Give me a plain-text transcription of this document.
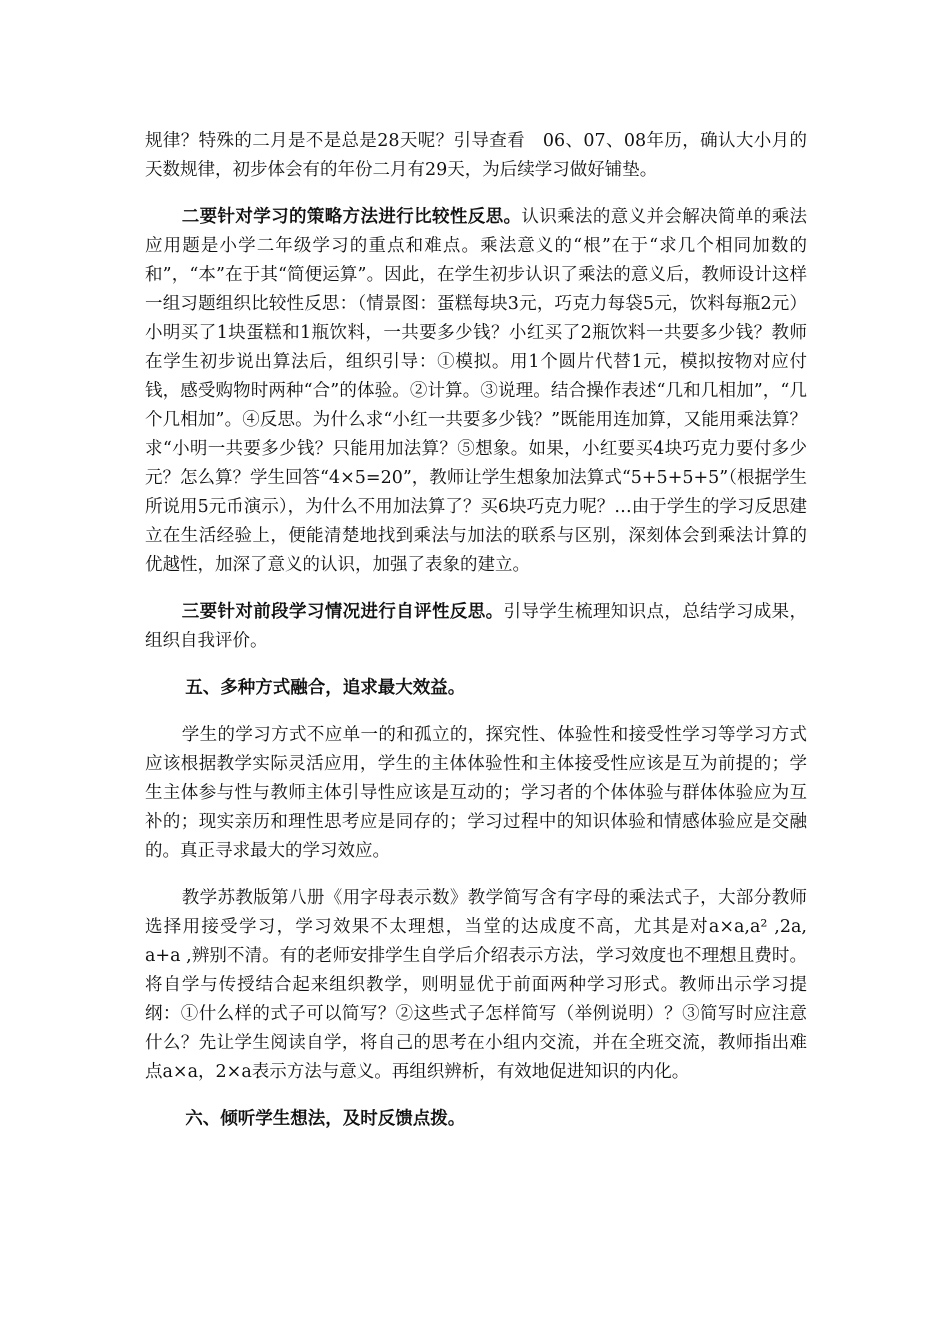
规律？特殊的二月是不是总是28天呢？引导查看　06、07、08年历，确认大小月的天数规律，初步体会有的年份二月有29天，为后续学习做好铺垫。

二要针对学习的策略方法进行比较性反思。认识乘法的意义并会解决简单的乘法应用题是小学二年级学习的重点和难点。乘法意义的“根”在于“求几个相同加数的和”，“本”在于其“简便运算”。因此，在学生初步认识了乘法的意义后，教师设计这样一组习题组织比较性反思：（情景图：蛋糕每块3元，巧克力每袋5元，饮料每瓶2元）小明买了1块蛋糕和1瓶饮料，一共要多少钱？小红买了2瓶饮料一共要多少钱？教师在学生初步说出算法后，组织引导：①模拟。用1个圆片代替1元，模拟按物对应付钱，感受购物时两种“合”的体验。②计算。③说理。结合操作表述“几和几相加”，“几个几相加”。④反思。为什么求“小红一共要多少钱？”既能用连加算，又能用乘法算？求“小明一共要多少钱？只能用加法算？⑤想象。如果，小红要买4块巧克力要付多少元？怎么算？学生回答“4×5=20”，教师让学生想象加法算式“5+5+5+5”（根据学生所说用5元币演示），为什么不用加法算了？买6块巧克力呢？…由于学生的学习反思建立在生活经验上，便能清楚地找到乘法与加法的联系与区别，深刻体会到乘法计算的优越性，加深了意义的认识，加强了表象的建立。

三要针对前段学习情况进行自评性反思。引导学生梳理知识点，总结学习成果，组织自我评价。

五、多种方式融合，追求最大效益。

学生的学习方式不应单一的和孤立的，探究性、体验性和接受性学习等学习方式应该根据教学实际灵活应用，学生的主体体验性和主体接受性应该是互为前提的；学生主体参与性与教师主体引导性应该是互动的；学习者的个体体验与群体体验应为互补的；现实亲历和理性思考应是同存的；学习过程中的知识体验和情感体验应是交融的。真正寻求最大的学习效应。

教学苏教版第八册《用字母表示数》教学简写含有字母的乘法式子，大部分教师选择用接受学习，学习效果不太理想，当堂的达成度不高，尤其是对a×a,a² ,2a, a+a ,辨别不清。有的老师安排学生自学后介绍表示方法，学习效度也不理想且费时。将自学与传授结合起来组织教学，则明显优于前面两种学习形式。教师出示学习提纲：①什么样的式子可以简写？②这些式子怎样简写（举例说明）？③简写时应注意什么？先让学生阅读自学，将自己的思考在小组内交流，并在全班交流，教师指出难点a×a，2×a表示方法与意义。再组织辨析，有效地促进知识的内化。

六、倾听学生想法，及时反馈点拨。
